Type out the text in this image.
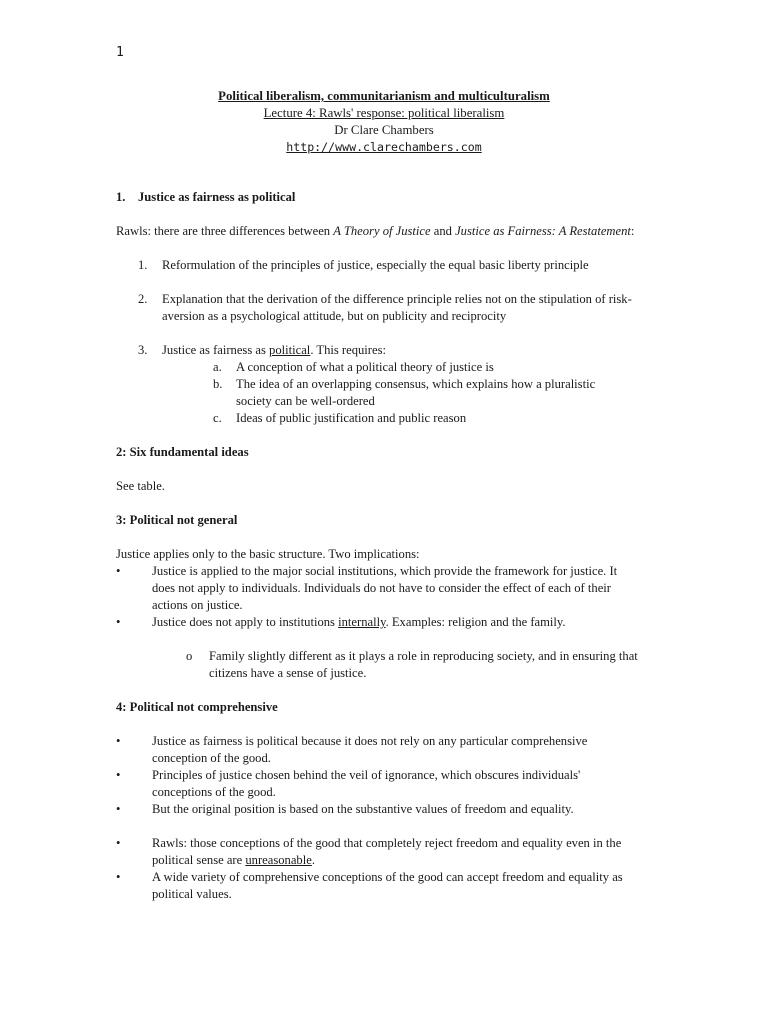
1
Political liberalism, communitarianism and multiculturalism
Lecture 4: Rawls' response: political liberalism
Dr Clare Chambers
http://www.clarechambers.com
1. Justice as fairness as political
Rawls: there are three differences between A Theory of Justice and Justice as Fairness: A Restatement:
1. Reformulation of the principles of justice, especially the equal basic liberty principle
2. Explanation that the derivation of the difference principle relies not on the stipulation of risk-aversion as a psychological attitude, but on publicity and reciprocity
3. Justice as fairness as political. This requires:
a. A conception of what a political theory of justice is
b. The idea of an overlapping consensus, which explains how a pluralistic society can be well-ordered
c. Ideas of public justification and public reason
2: Six fundamental ideas
See table.
3: Political not general
Justice applies only to the basic structure. Two implications:
•	Justice is applied to the major social institutions, which provide the framework for justice. It does not apply to individuals. Individuals do not have to consider the effect of each of their actions on justice.
•	Justice does not apply to institutions internally. Examples: religion and the family.
o Family slightly different as it plays a role in reproducing society, and in ensuring that citizens have a sense of justice.
4: Political not comprehensive
•	Justice as fairness is political because it does not rely on any particular comprehensive conception of the good.
•	Principles of justice chosen behind the veil of ignorance, which obscures individuals' conceptions of the good.
•	But the original position is based on the substantive values of freedom and equality.
•	Rawls: those conceptions of the good that completely reject freedom and equality even in the political sense are unreasonable.
•	A wide variety of comprehensive conceptions of the good can accept freedom and equality as political values.
